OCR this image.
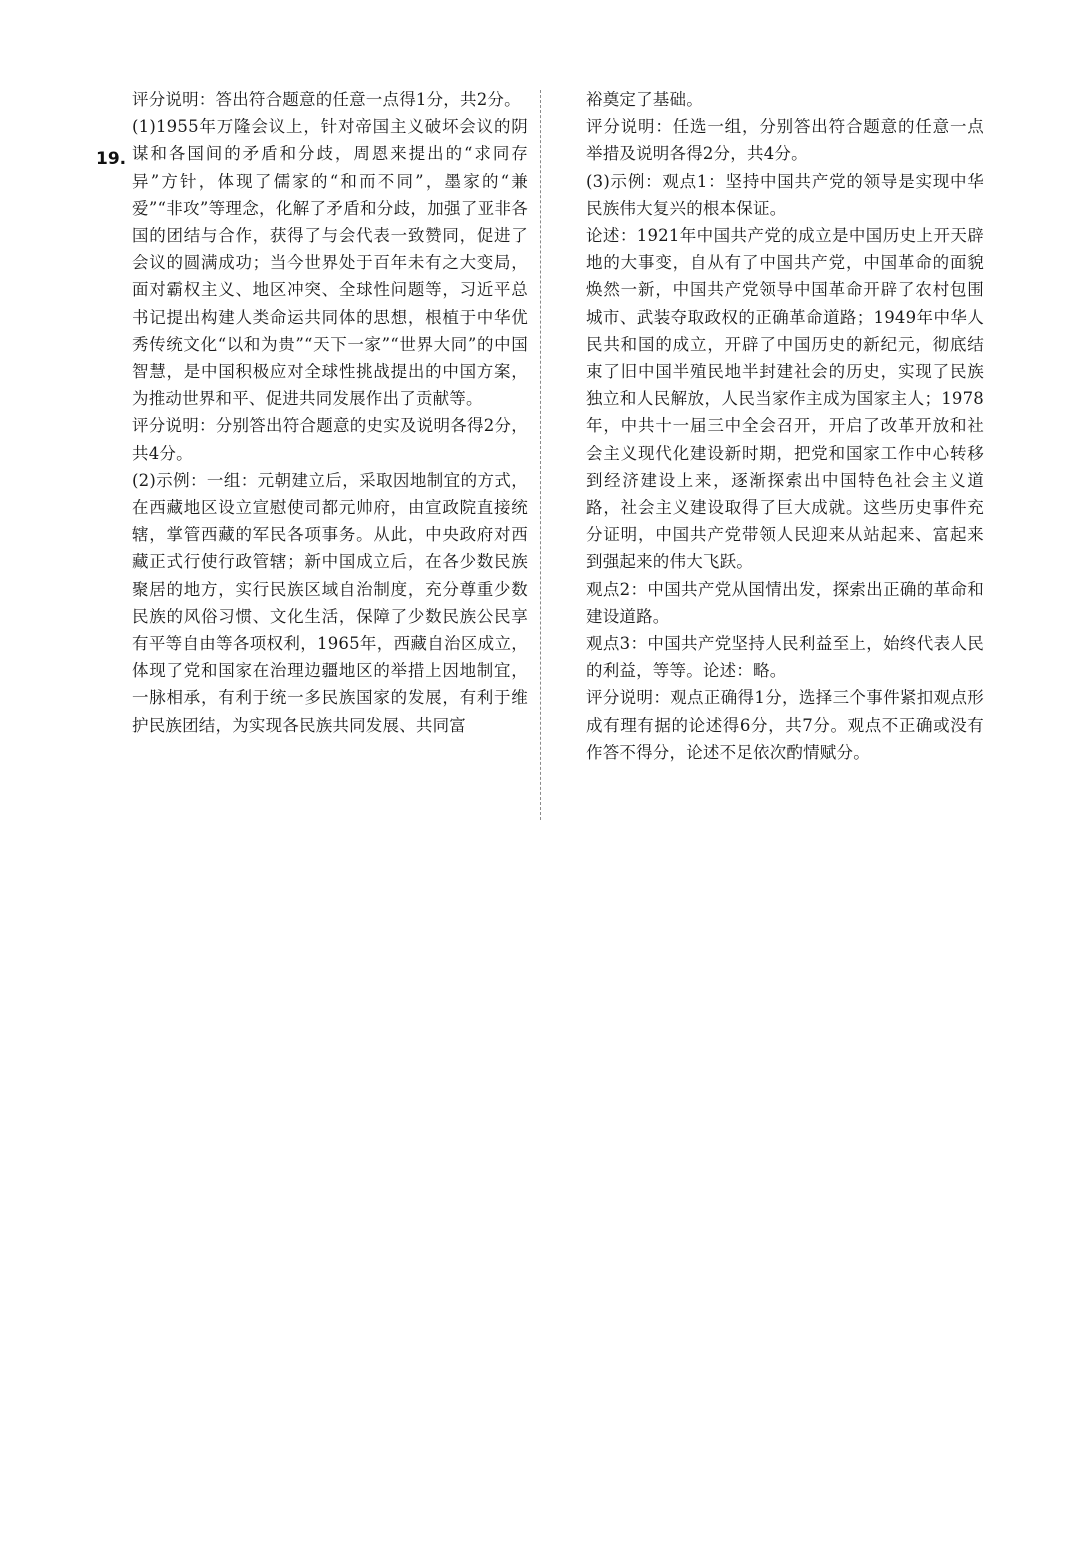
19.

评分说明：答出符合题意的任意一点得1分，共2分。

(1)1955年万隆会议上，针对帝国主义破坏会议的阴谋和各国间的矛盾和分歧，周恩来提出的“求同存异”方针，体现了儒家的“和而不同”，墨家的“兼爱”“非攻”等理念，化解了矛盾和分歧，加强了亚非各国的团结与合作，获得了与会代表一致赞同，促进了会议的圆满成功；当今世界处于百年未有之大变局，面对霸权主义、地区冲突、全球性问题等，习近平总书记提出构建人类命运共同体的思想，根植于中华优秀传统文化“以和为贵”“天下一家”“世界大同”的中国智慧，是中国积极应对全球性挑战提出的中国方案，为推动世界和平、促进共同发展作出了贡献等。

评分说明：分别答出符合题意的史实及说明各得2分，共4分。

(2)示例：一组：元朝建立后，采取因地制宜的方式，在西藏地区设立宣慰使司都元帅府，由宣政院直接统辖，掌管西藏的军民各项事务。从此，中央政府对西藏正式行使行政管辖；新中国成立后，在各少数民族聚居的地方，实行民族区域自治制度，充分尊重少数民族的风俗习惯、文化生活，保障了少数民族公民享有平等自由等各项权利，1965年，西藏自治区成立，体现了党和国家在治理边疆地区的举措上因地制宜，一脉相承，有利于统一多民族国家的发展，有利于维护民族团结，为实现各民族共同发展、共同富

裕奠定了基础。

评分说明：任选一组，分别答出符合题意的任意一点举措及说明各得2分，共4分。

(3)示例：观点1：坚持中国共产党的领导是实现中华民族伟大复兴的根本保证。

论述：1921年中国共产党的成立是中国历史上开天辟地的大事变，自从有了中国共产党，中国革命的面貌焕然一新，中国共产党领导中国革命开辟了农村包围城市、武装夺取政权的正确革命道路；1949年中华人民共和国的成立，开辟了中国历史的新纪元，彻底结束了旧中国半殖民地半封建社会的历史，实现了民族独立和人民解放，人民当家作主成为国家主人；1978年，中共十一届三中全会召开，开启了改革开放和社会主义现代化建设新时期，把党和国家工作中心转移到经济建设上来，逐渐探索出中国特色社会主义道路，社会主义建设取得了巨大成就。这些历史事件充分证明，中国共产党带领人民迎来从站起来、富起来到强起来的伟大飞跃。

观点2：中国共产党从国情出发，探索出正确的革命和建设道路。

观点3：中国共产党坚持人民利益至上，始终代表人民的利益，等等。论述：略。

评分说明：观点正确得1分，选择三个事件紧扣观点形成有理有据的论述得6分，共7分。观点不正确或没有作答不得分，论述不足依次酌情赋分。
